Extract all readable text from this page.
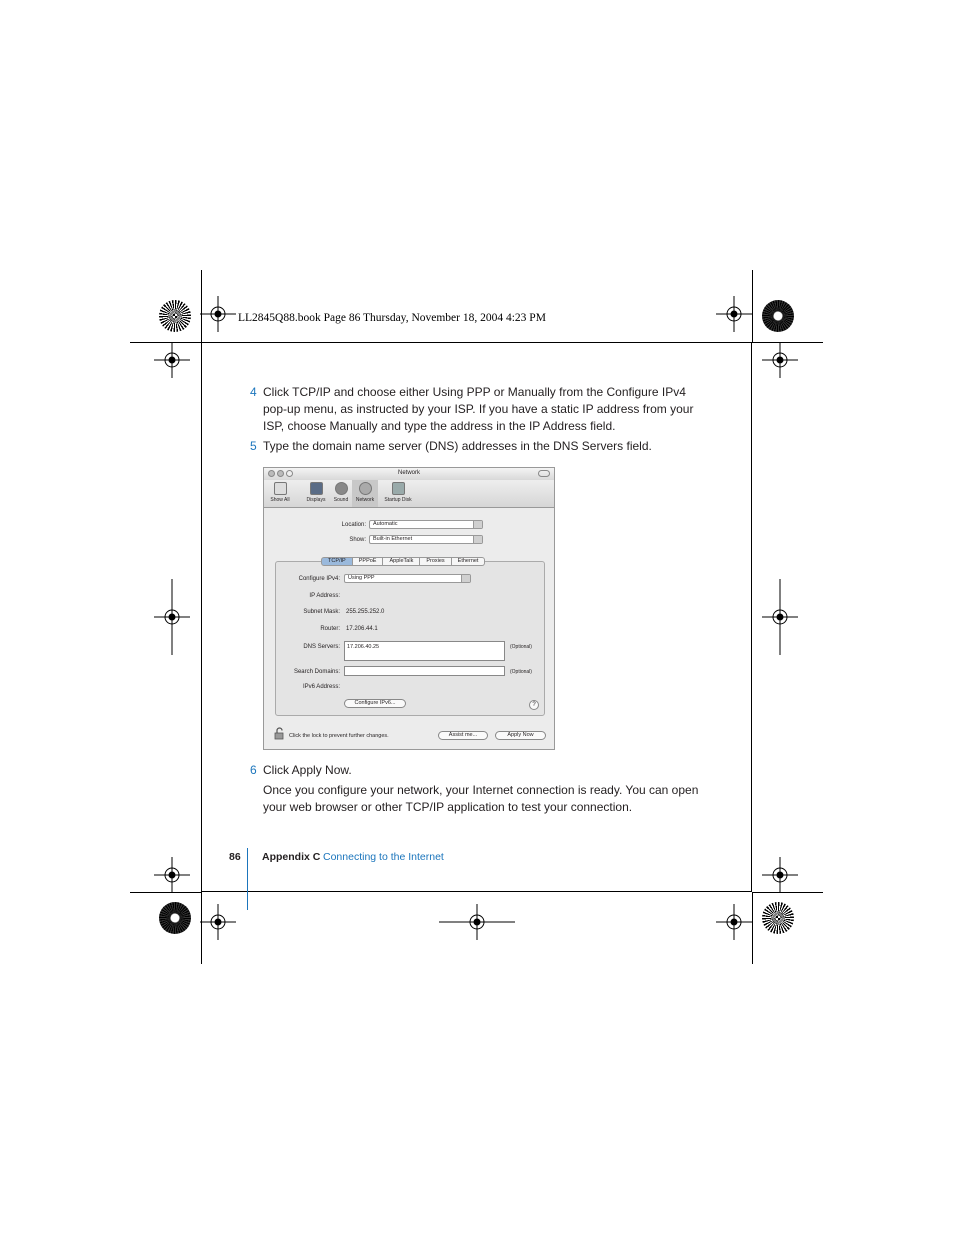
LL2845Q88.book Page 86 Thursday, November 18, 2004 4:23 PM
4 Click TCP/IP and choose either Using PPP or Manually from the Configure IPv4 pop-up menu, as instructed by your ISP. If you have a static IP address from your ISP, choose Manually and type the address in the IP Address field.
5 Type the domain name server (DNS) addresses in the DNS Servers field.
Network
Show All	Displays	Sound	Network	Startup Disk
Location:	Automatic
Show:	Built-in Ethernet
TCP/IP	PPPoE	AppleTalk	Proxies	Ethernet
Configure IPv4:	Using PPP
IP Address:
Subnet Mask: 255.255.252.0
Router: 17.206.44.1
DNS Servers:	17.206.40.25	(Optional)
Search Domains:	(Optional)
IPv6 Address:
Configure IPv6...	?
Click the lock to prevent further changes.	Assist me...	Apply Now
6 Click Apply Now.
Once you configure your network, your Internet connection is ready. You can open your web browser or other TCP/IP application to test your connection.
86 Appendix C Connecting to the Internet
